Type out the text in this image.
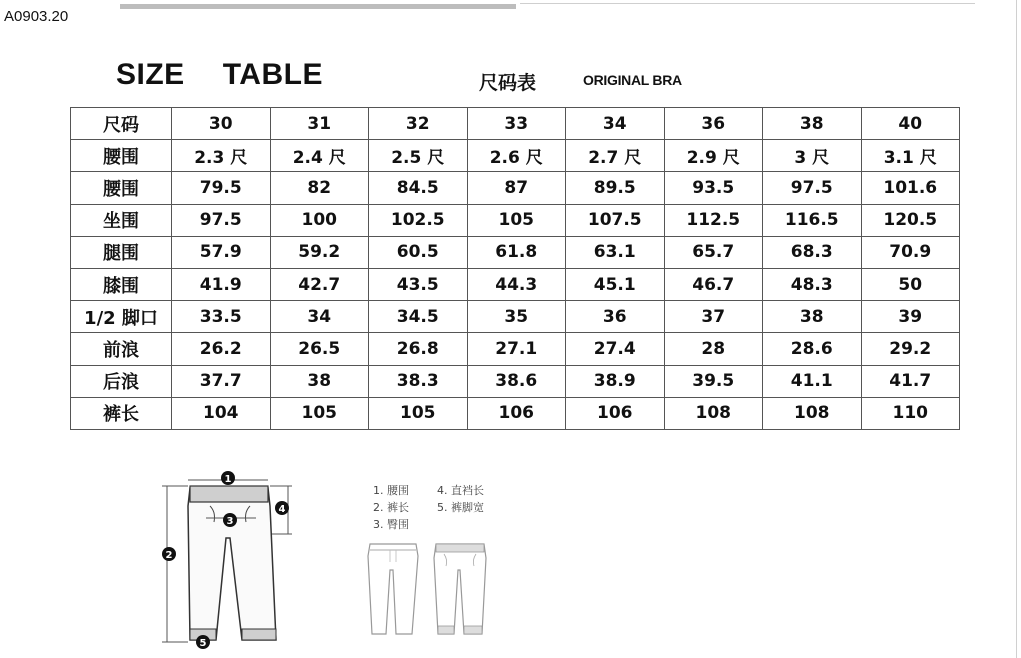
A0903.20
SIZE TABLE	尺码表	ORIGINAL BRA
尺码	30	31	32	33	34	36	38	40
腰围	2.3 尺	2.4 尺	2.5 尺	2.6 尺	2.7 尺	2.9 尺	3 尺	3.1 尺
腰围	79.5	82	84.5	87	89.5	93.5	97.5	101.6
坐围	97.5	100	102.5	105	107.5	112.5	116.5	120.5
腿围	57.9	59.2	60.5	61.8	63.1	65.7	68.3	70.9
膝围	41.9	42.7	43.5	44.3	45.1	46.7	48.3	50
1/2 脚口	33.5	34	34.5	35	36	37	38	39
前浪	26.2	26.5	26.8	27.1	27.4	28	28.6	29.2
后浪	37.7	38	38.3	38.6	38.9	39.5	41.1	41.7
裤长	104	105	105	106	106	108	108	110
1
2
3
4
5
1. 腰围	4. 直裆长
2. 裤长	5. 裤脚宽
3. 臀围
